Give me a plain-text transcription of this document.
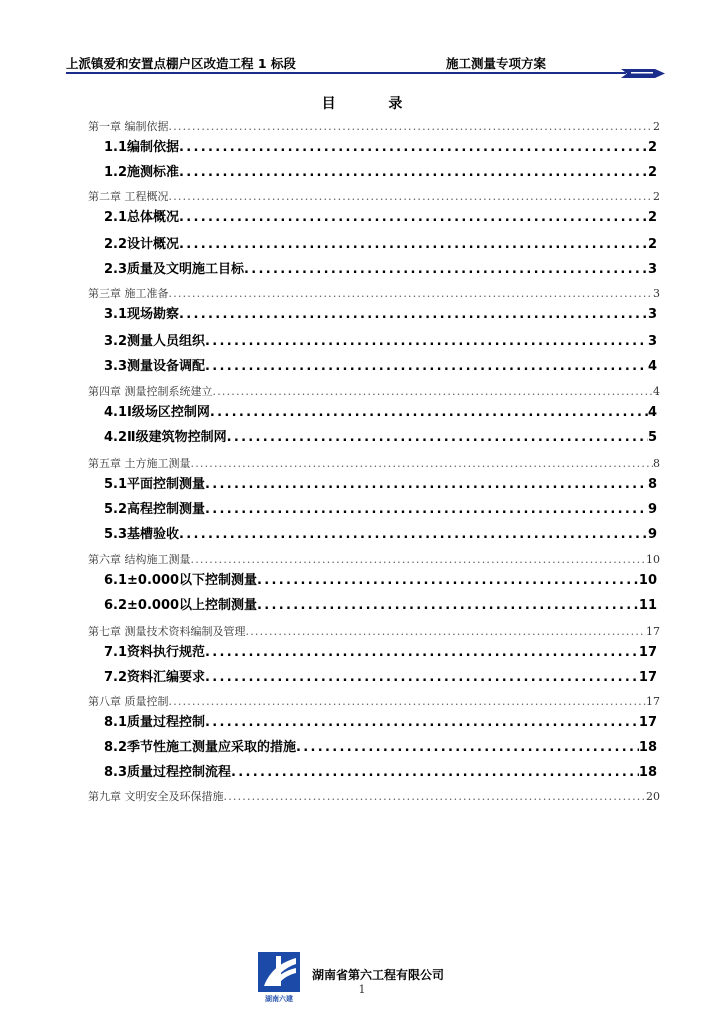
上派镇爱和安置点棚户区改造工程 1 标段	施工测量专项方案
目 录
第一章 编制依据 .....	2
1.1编制依据 .....	2
1.2施测标准 .....	2
第二章 工程概况 .....	2
2.1总体概况 .....	2
2.2设计概况 .....	2
2.3质量及文明施工目标 .....	3
第三章 施工准备 .....	3
3.1现场勘察 .....	3
3.2测量人员组织 .....	3
3.3测量设备调配 .....	4
第四章 测量控制系统建立 .....	4
4.1Ⅰ级场区控制网 .....	4
4.2Ⅱ级建筑物控制网 .....	5
第五章 土方施工测量 .....	8
5.1平面控制测量 .....	8
5.2高程控制测量 .....	9
5.3基槽验收 .....	9
第六章 结构施工测量 .....	10
6.1±0.000以下控制测量 .....	10
6.2±0.000以上控制测量 .....	11
第七章 测量技术资料编制及管理 .....	17
7.1资料执行规范 .....	17
7.2资料汇编要求 .....	17
第八章 质量控制 .....	17
8.1质量过程控制 .....	17
8.2季节性施工测量应采取的措施 .....	18
8.3质量过程控制流程 .....	18
第九章 文明安全及环保措施 .....	20
湖南六建
湖南省第六工程有限公司
1
